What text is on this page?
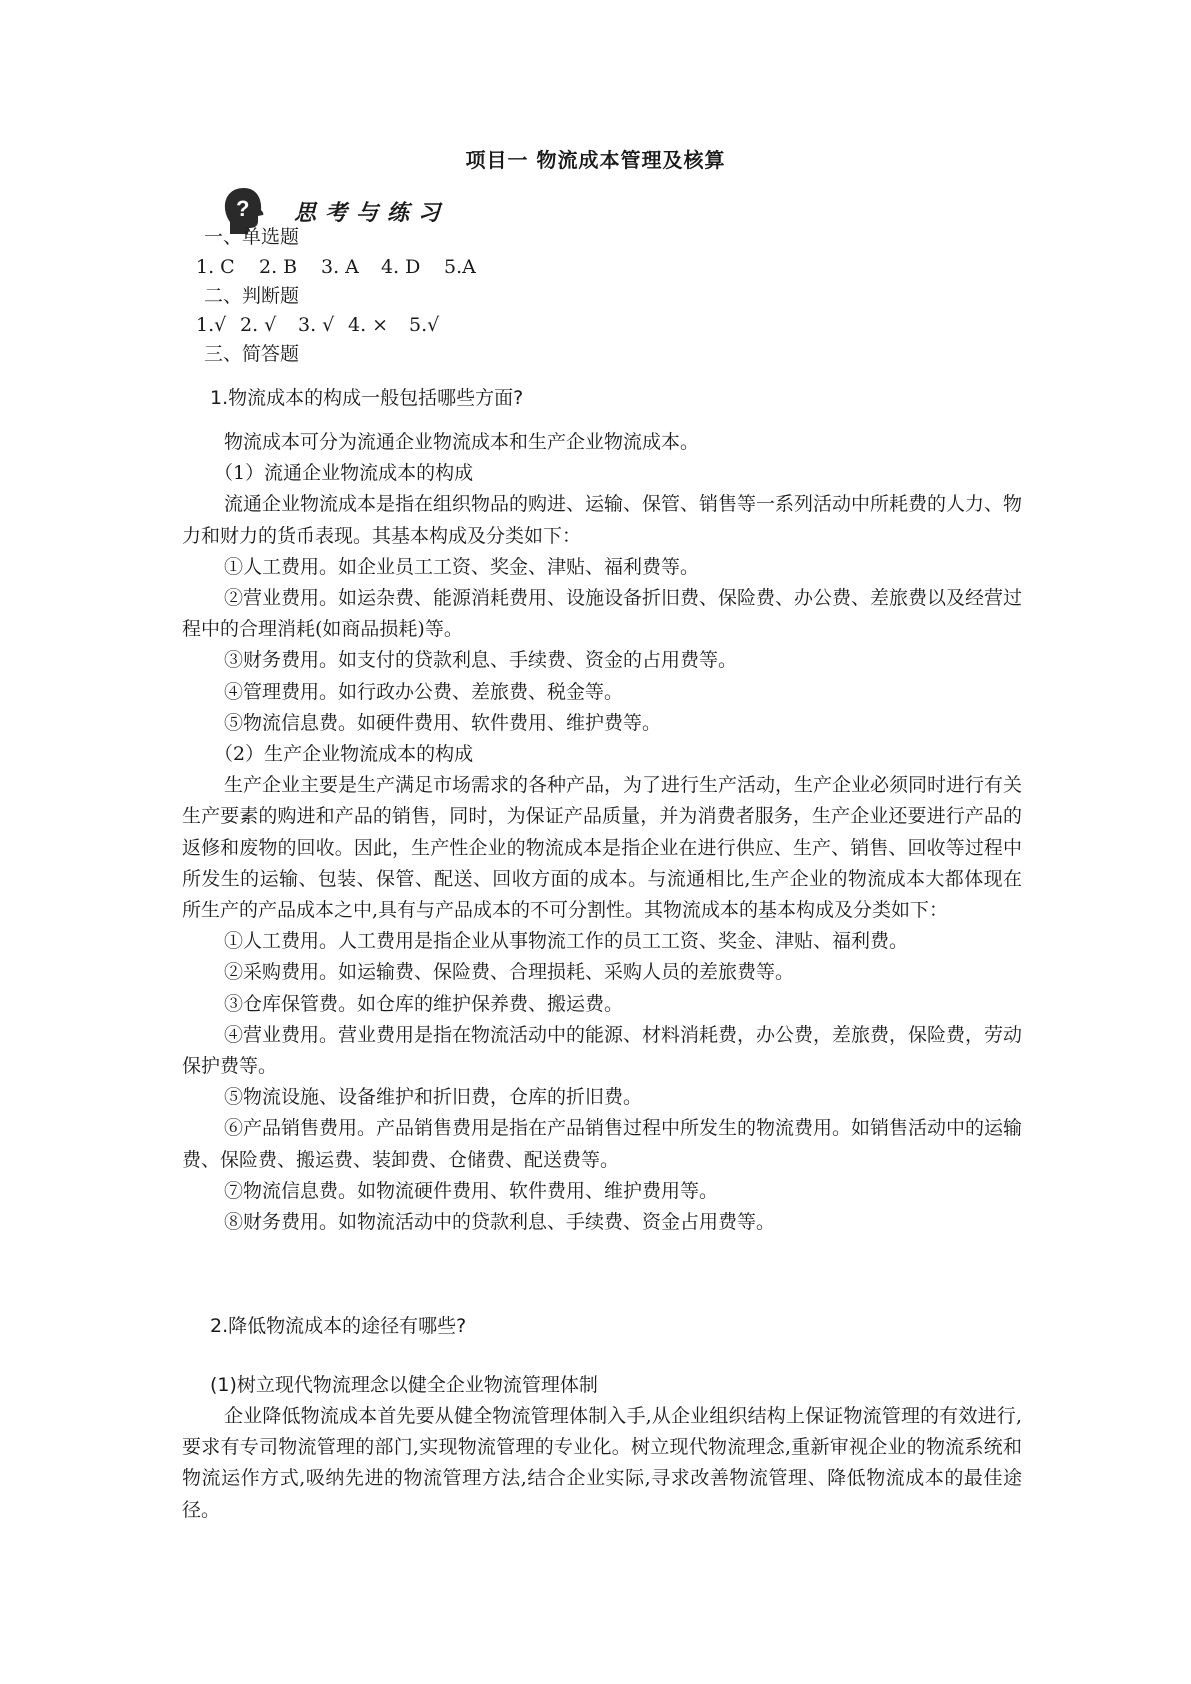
项目一 物流成本管理及核算
? 思考与练习
一、单选题
1. C 2. B 3. A 4. D 5.A
二、判断题
1.√ 2. √ 3. √ 4. × 5.√
三、简答题
1.物流成本的构成一般包括哪些方面?

物流成本可分为流通企业物流成本和生产企业物流成本。

（1）流通企业物流成本的构成

流通企业物流成本是指在组织物品的购进、运输、保管、销售等一系列活动中所耗费的人力、物力和财力的货币表现。其基本构成及分类如下：

①人工费用。如企业员工工资、奖金、津贴、福利费等。

②营业费用。如运杂费、能源消耗费用、设施设备折旧费、保险费、办公费、差旅费以及经营过程中的合理消耗(如商品损耗)等。

③财务费用。如支付的贷款利息、手续费、资金的占用费等。

④管理费用。如行政办公费、差旅费、税金等。

⑤物流信息费。如硬件费用、软件费用、维护费等。

（2）生产企业物流成本的构成

生产企业主要是生产满足市场需求的各种产品，为了进行生产活动，生产企业必须同时进行有关生产要素的购进和产品的销售，同时，为保证产品质量，并为消费者服务，生产企业还要进行产品的返修和废物的回收。因此，生产性企业的物流成本是指企业在进行供应、生产、销售、回收等过程中所发生的运输、包装、保管、配送、回收方面的成本。与流通相比,生产企业的物流成本大都体现在所生产的产品成本之中,具有与产品成本的不可分割性。其物流成本的基本构成及分类如下：

①人工费用。人工费用是指企业从事物流工作的员工工资、奖金、津贴、福利费。

②采购费用。如运输费、保险费、合理损耗、采购人员的差旅费等。

③仓库保管费。如仓库的维护保养费、搬运费。

④营业费用。营业费用是指在物流活动中的能源、材料消耗费，办公费，差旅费，保险费，劳动保护费等。

⑤物流设施、设备维护和折旧费，仓库的折旧费。

⑥产品销售费用。产品销售费用是指在产品销售过程中所发生的物流费用。如销售活动中的运输费、保险费、搬运费、装卸费、仓储费、配送费等。

⑦物流信息费。如物流硬件费用、软件费用、维护费用等。

⑧财务费用。如物流活动中的贷款利息、手续费、资金占用费等。

2.降低物流成本的途径有哪些?
(1)树立现代物流理念以健全企业物流管理体制

企业降低物流成本首先要从健全物流管理体制入手,从企业组织结构上保证物流管理的有效进行,要求有专司物流管理的部门,实现物流管理的专业化。树立现代物流理念,重新审视企业的物流系统和物流运作方式,吸纳先进的物流管理方法,结合企业实际,寻求改善物流管理、降低物流成本的最佳途径。
